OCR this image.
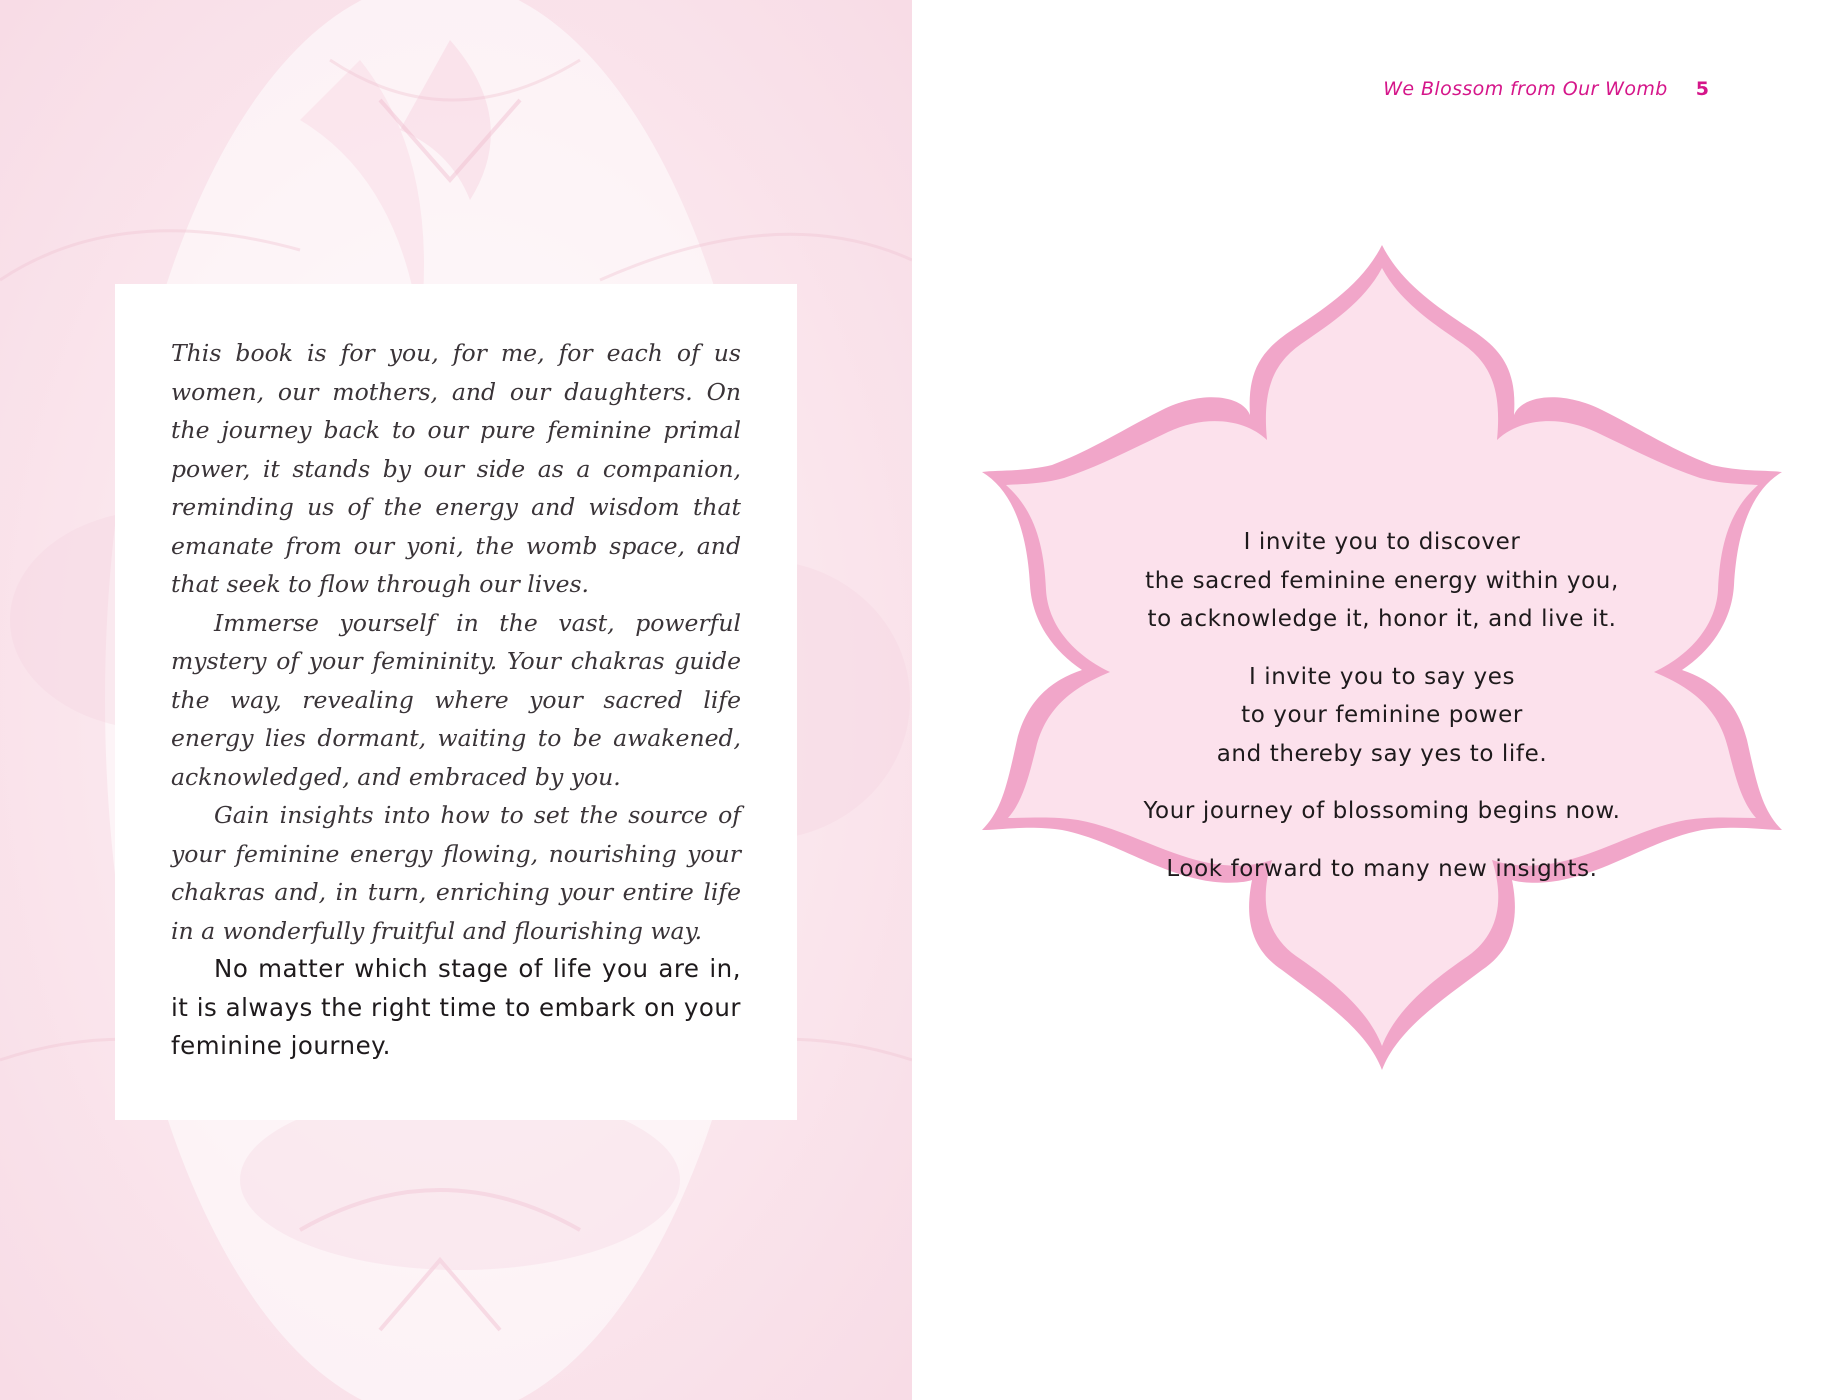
This book is for you, for me, for each of us women, our mothers, and our daughters. On the journey back to our pure feminine primal power, it stands by our side as a companion, reminding us of the energy and wisdom that emanate from our yoni, the womb space, and that seek to flow through our lives.

Immerse yourself in the vast, powerful mystery of your femininity. Your chakras guide the way, revealing where your sacred life energy lies dormant, waiting to be awakened, acknowledged, and embraced by you.

Gain insights into how to set the source of your feminine energy flowing, nourishing your chakras and, in turn, enriching your entire life in a wonderfully fruitful and flourishing way.

No matter which stage of life you are in, it is always the right time to embark on your feminine journey.

We Blossom from Our Womb 5
I invite you to discover
the sacred feminine energy within you,
to acknowledge it, honor it, and live it.
I invite you to say yes
to your feminine power
and thereby say yes to life.
Your journey of blossoming begins now.
Look forward to many new insights.
